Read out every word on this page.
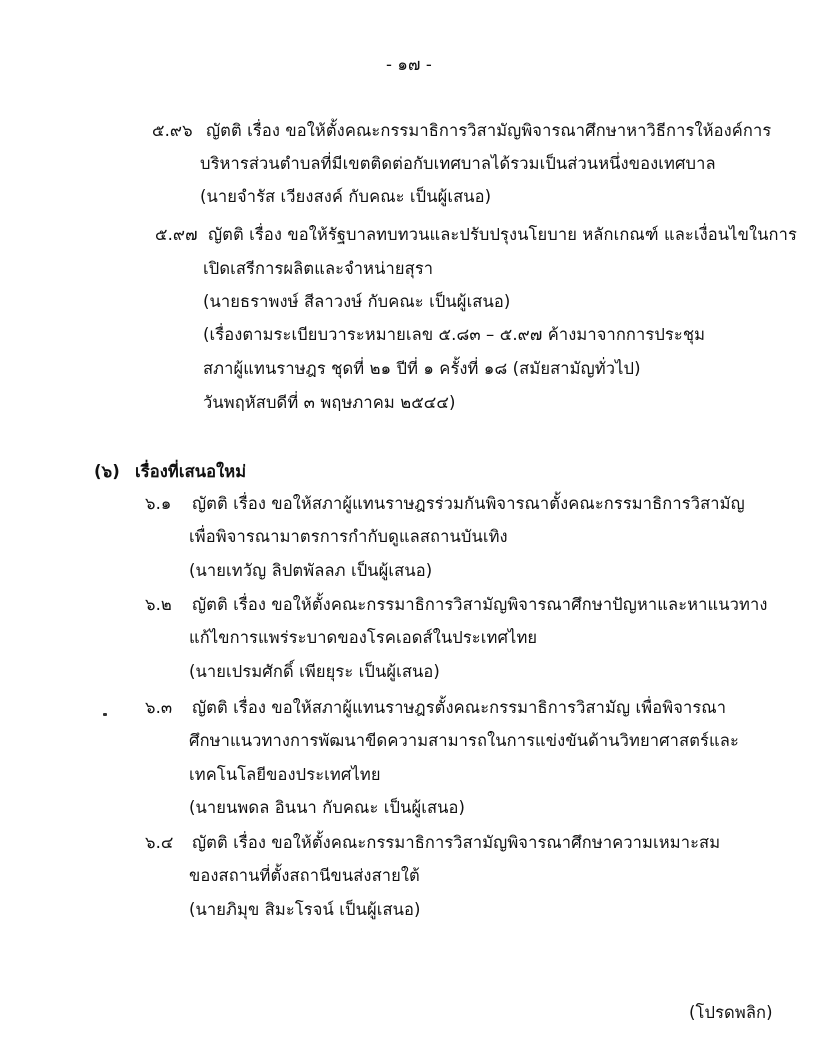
- ๑๗ -
๕.๙๖ ญัตติ เรื่อง ขอให้ตั้งคณะกรรมาธิการวิสามัญพิจารณาศึกษาหาวิธีการให้องค์การ
บริหารส่วนตำบลที่มีเขตติดต่อกับเทศบาลได้รวมเป็นส่วนหนึ่งของเทศบาล
(นายจำรัส เวียงสงค์ กับคณะ เป็นผู้เสนอ)
๕.๙๗ ญัตติ เรื่อง ขอให้รัฐบาลทบทวนและปรับปรุงนโยบาย หลักเกณฑ์ และเงื่อนไขในการ
เปิดเสรีการผลิตและจำหน่ายสุรา
(นายธราพงษ์ สีลาวงษ์ กับคณะ เป็นผู้เสนอ)
(เรื่องตามระเบียบวาระหมายเลข ๕.๘๓ – ๕.๙๗ ค้างมาจากการประชุม
สภาผู้แทนราษฎร ชุดที่ ๒๑ ปีที่ ๑ ครั้งที่ ๑๘ (สมัยสามัญทั่วไป)
วันพฤหัสบดีที่ ๓ พฤษภาคม ๒๕๔๔)
(๖) เรื่องที่เสนอใหม่
๖.๑ ญัตติ เรื่อง ขอให้สภาผู้แทนราษฎรร่วมกันพิจารณาตั้งคณะกรรมาธิการวิสามัญ
เพื่อพิจารณามาตรการกำกับดูแลสถานบันเทิง
(นายเทวัญ ลิปตพัลลภ เป็นผู้เสนอ)
๖.๒ ญัตติ เรื่อง ขอให้ตั้งคณะกรรมาธิการวิสามัญพิจารณาศึกษาปัญหาและหาแนวทาง
แก้ไขการแพร่ระบาดของโรคเอดส์ในประเทศไทย
(นายเปรมศักดิ์ เพียยุระ เป็นผู้เสนอ)
๖.๓ ญัตติ เรื่อง ขอให้สภาผู้แทนราษฎรตั้งคณะกรรมาธิการวิสามัญ เพื่อพิจารณา
ศึกษาแนวทางการพัฒนาขีดความสามารถในการแข่งขันด้านวิทยาศาสตร์และ
เทคโนโลยีของประเทศไทย
(นายนพดล อินนา กับคณะ เป็นผู้เสนอ)
๖.๔ ญัตติ เรื่อง ขอให้ตั้งคณะกรรมาธิการวิสามัญพิจารณาศึกษาความเหมาะสม
ของสถานที่ตั้งสถานีขนส่งสายใต้
(นายภิมุข สิมะโรจน์ เป็นผู้เสนอ)
(โปรดพลิก)
